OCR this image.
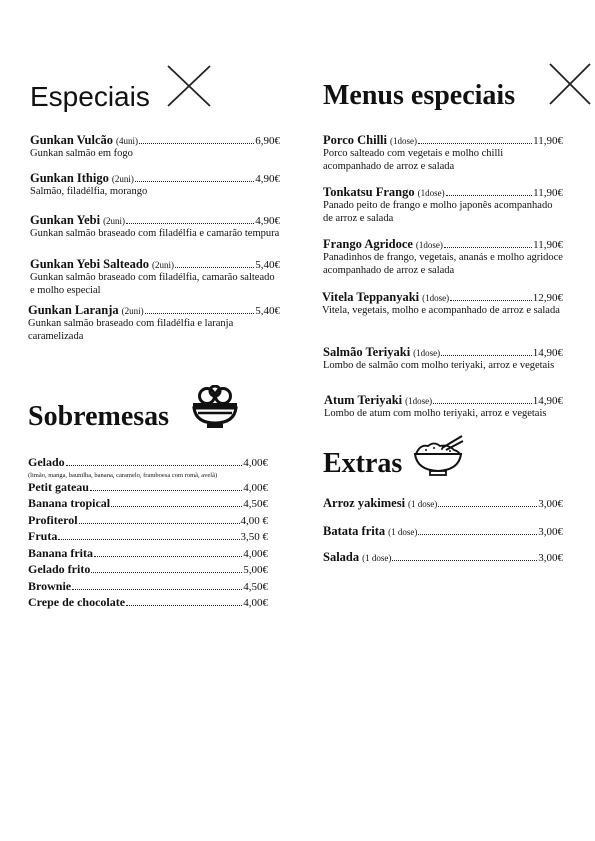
Especiais
Gunkan Vulcão (4uni)	6,90€
Gunkan salmão em fogo
Gunkan Ithigo (2uni)	4,90€
Salmão, filadélfia, morango
Gunkan Yebi (2uni)	4,90€
Gunkan salmão braseado com filadélfia e camarão tempura
Gunkan Yebi Salteado (2uni)	5,40€
Gunkan salmão braseado com filadélfia, camarão salteado e molho especial
Gunkan Laranja (2uni)	5,40€
Gunkan salmão braseado com filadélfia e laranja caramelizada
Menus especiais
Porco Chilli (1dose)	11,90€
Porco salteado com vegetais e molho chilli acompanhado de arroz e salada
Tonkatsu Frango (1dose)	11,90€
Panado peito de frango e molho japonês acompanhado de arroz e salada
Frango Agridoce (1dose)	11,90€
Panadinhos de frango, vegetais, ananás e molho agridoce acompanhado de arroz e salada
Vitela Teppanyaki (1dose)	12,90€
Vitela, vegetais, molho e acompanhado de arroz e salada
Salmão Teriyaki (1dose)	14,90€
Lombo de salmão com molho teriyaki, arroz e vegetais
Atum Teriyaki (1dose)	14,90€
Lombo de atum com molho teriyaki, arroz e vegetais
Sobremesas
Gelado	4,00€
(limão, manga, baunilha, banana, caramelo, framboesa com romã, avelã)
Petit gateau	4,00€
Banana tropical	4,50€
Profiterol	4,00 €
Fruta	3,50 €
Banana frita	4,00€
Gelado frito	5,00€
Brownie	4,50€
Crepe de chocolate	4,00€
Extras
Arroz yakimesi (1 dose)	3,00€
Batata frita (1 dose)	3,00€
Salada (1 dose)	3,00€
